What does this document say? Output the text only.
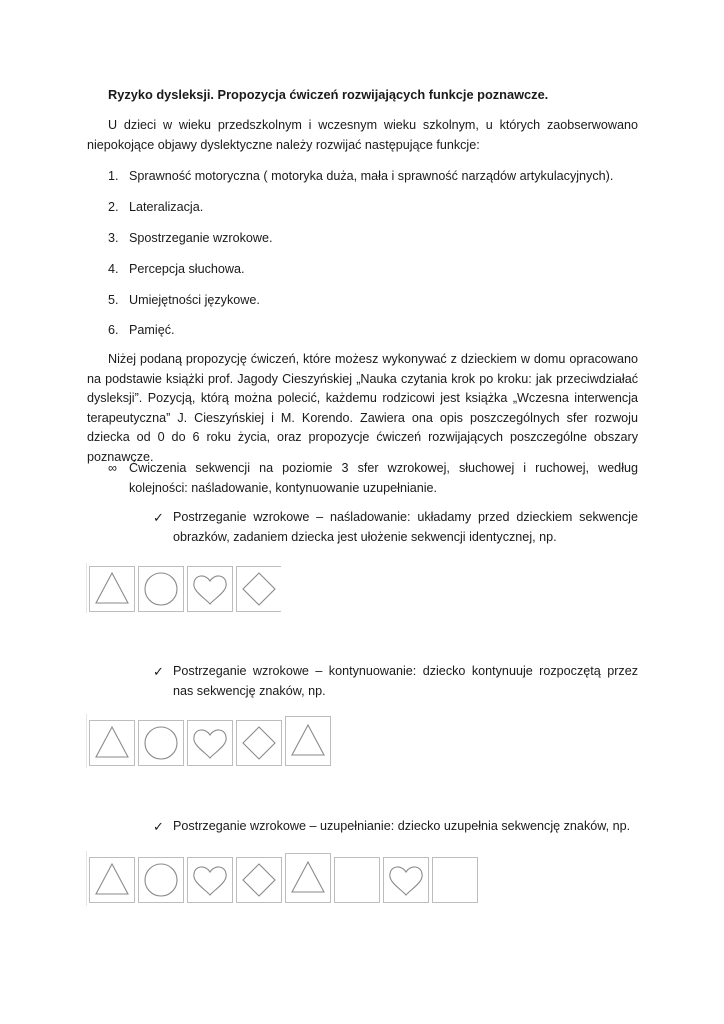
Ryzyko dysleksji. Propozycja ćwiczeń rozwijających funkcje poznawcze.
U dzieci w wieku przedszkolnym i wczesnym wieku szkolnym, u których zaobserwowano niepokojące objawy dyslektyczne należy rozwijać następujące funkcje:
1. Sprawność motoryczna ( motoryka duża, mała i sprawność narządów artykulacyjnych).
2. Lateralizacja.
3. Spostrzeganie wzrokowe.
4. Percepcja słuchowa.
5. Umiejętności językowe.
6. Pamięć.
Niżej podaną propozycję ćwiczeń, które możesz wykonywać z dzieckiem w domu opracowano na podstawie książki prof. Jagody Cieszyńskiej „Nauka czytania krok po kroku: jak przeciwdziałać dysleksji”. Pozycją, którą można polecić, każdemu rodzicowi jest książka „Wczesna interwencja terapeutyczna” J. Cieszyńskiej i M. Korendo. Zawiera ona opis poszczególnych sfer rozwoju dziecka od 0 do 6 roku życia, oraz propozycje ćwiczeń rozwijających poszczególne obszary poznawcze.
∞ Ćwiczenia sekwencji na poziomie 3 sfer wzrokowej, słuchowej i ruchowej, według kolejności: naśladowanie, kontynuowanie uzupełnianie.
✓ Postrzeganie wzrokowe – naśladowanie: układamy przed dzieckiem sekwencje obrazków, zadaniem dziecka jest ułożenie sekwencji identycznej, np.
✓ Postrzeganie wzrokowe – kontynuowanie: dziecko kontynuuje rozpoczętą przez nas sekwencję znaków, np.
✓ Postrzeganie wzrokowe – uzupełnianie: dziecko uzupełnia sekwencję znaków, np.
